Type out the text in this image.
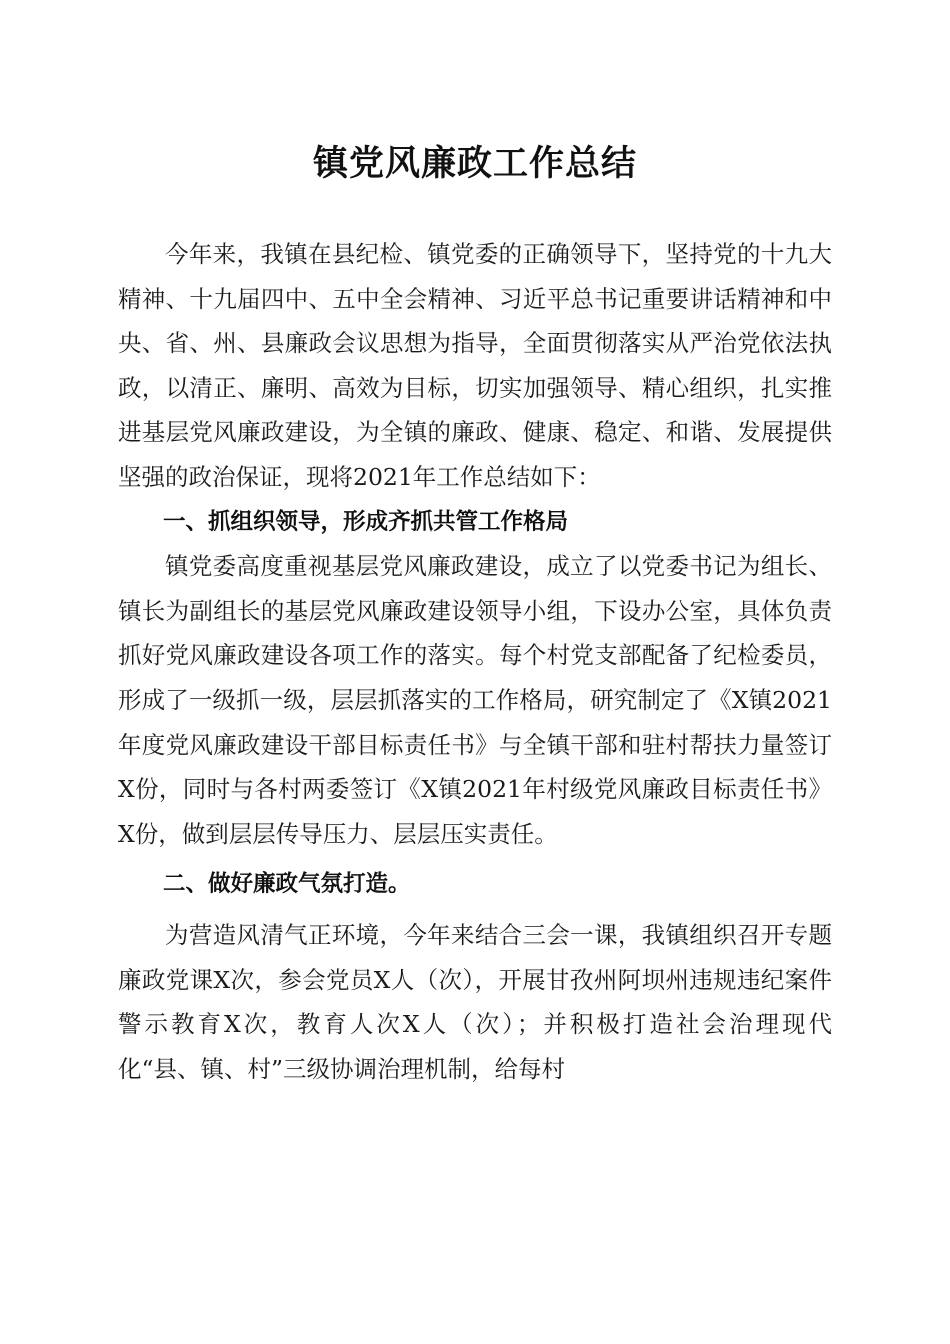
镇党风廉政工作总结

今年来，我镇在县纪检、镇党委的正确领导下，坚持党的十九大精神、十九届四中、五中全会精神、习近平总书记重要讲话精神和中央、省、州、县廉政会议思想为指导，全面贯彻落实从严治党依法执政，以清正、廉明、高效为目标，切实加强领导、精心组织，扎实推进基层党风廉政建设，为全镇的廉政、健康、稳定、和谐、发展提供坚强的政治保证，现将2021年工作总结如下：

一、抓组织领导，形成齐抓共管工作格局

镇党委高度重视基层党风廉政建设，成立了以党委书记为组长、镇长为副组长的基层党风廉政建设领导小组，下设办公室，具体负责抓好党风廉政建设各项工作的落实。每个村党支部配备了纪检委员，形成了一级抓一级，层层抓落实的工作格局，研究制定了《X镇2021年度党风廉政建设干部目标责任书》与全镇干部和驻村帮扶力量签订X份，同时与各村两委签订《X镇2021年村级党风廉政目标责任书》X份，做到层层传导压力、层层压实责任。

二、做好廉政气氛打造。

为营造风清气正环境，今年来结合三会一课，我镇组织召开专题廉政党课X次，参会党员X人（次），开展甘孜州阿坝州违规违纪案件警示教育X次，教育人次X人（次）；并积极打造社会治理现代化“县、镇、村”三级协调治理机制，给每村
